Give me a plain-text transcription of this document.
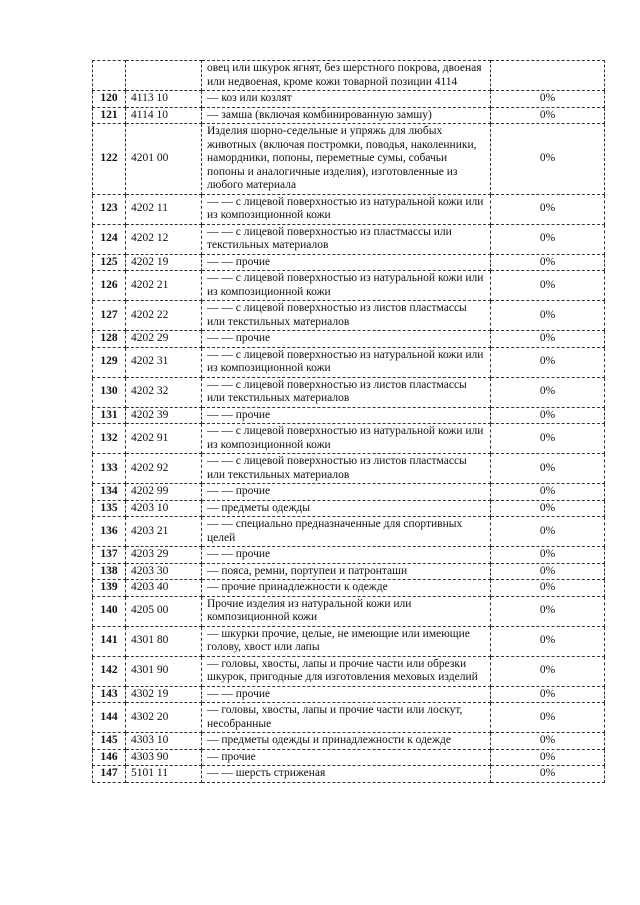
		овец или шкурок ягнят, без шерстного покрова, двоеная или недвоеная, кроме кожи товарной позиции 4114	
120	4113 10	— коз или козлят	0%
121	4114 10	— замша (включая комбинированную замшу)	0%
122	4201 00	Изделия шорно-седельные и упряжь для любых животных (включая постромки, поводья, наколенники, намордники, попоны, переметные сумы, собачьи попоны и аналогичные изделия), изготовленные из любого материала	0%
123	4202 11	— — с лицевой поверхностью из натуральной кожи или из композиционной кожи	0%
124	4202 12	— — с лицевой поверхностью из пластмассы или текстильных материалов	0%
125	4202 19	— — прочие	0%
126	4202 21	— — с лицевой поверхностью из натуральной кожи или из композиционной кожи	0%
127	4202 22	— — с лицевой поверхностью из листов пластмассы или текстильных материалов	0%
128	4202 29	— — прочие	0%
129	4202 31	— — с лицевой поверхностью из натуральной кожи или из композиционной кожи	0%
130	4202 32	— — с лицевой поверхностью из листов пластмассы или текстильных материалов	0%
131	4202 39	— — прочие	0%
132	4202 91	— — с лицевой поверхностью из натуральной кожи или из композиционной кожи	0%
133	4202 92	— — с лицевой поверхностью из листов пластмассы или текстильных материалов	0%
134	4202 99	— — прочие	0%
135	4203 10	— предметы одежды	0%
136	4203 21	— — специально предназначенные для спортивных целей	0%
137	4203 29	— — прочие	0%
138	4203 30	— пояса, ремни, портупеи и патронташи	0%
139	4203 40	— прочие принадлежности к одежде	0%
140	4205 00	Прочие изделия из натуральной кожи или композиционной кожи	0%
141	4301 80	— шкурки прочие, целые, не имеющие или имеющие голову, хвост или лапы	0%
142	4301 90	— головы, хвосты, лапы и прочие части или обрезки шкурок, пригодные для изготовления меховых изделий	0%
143	4302 19	— — прочие	0%
144	4302 20	— головы, хвосты, лапы и прочие части или лоскут, несобранные	0%
145	4303 10	— предметы одежды и принадлежности к одежде	0%
146	4303 90	— прочие	0%
147	5101 11	— — шерсть стриженая	0%
